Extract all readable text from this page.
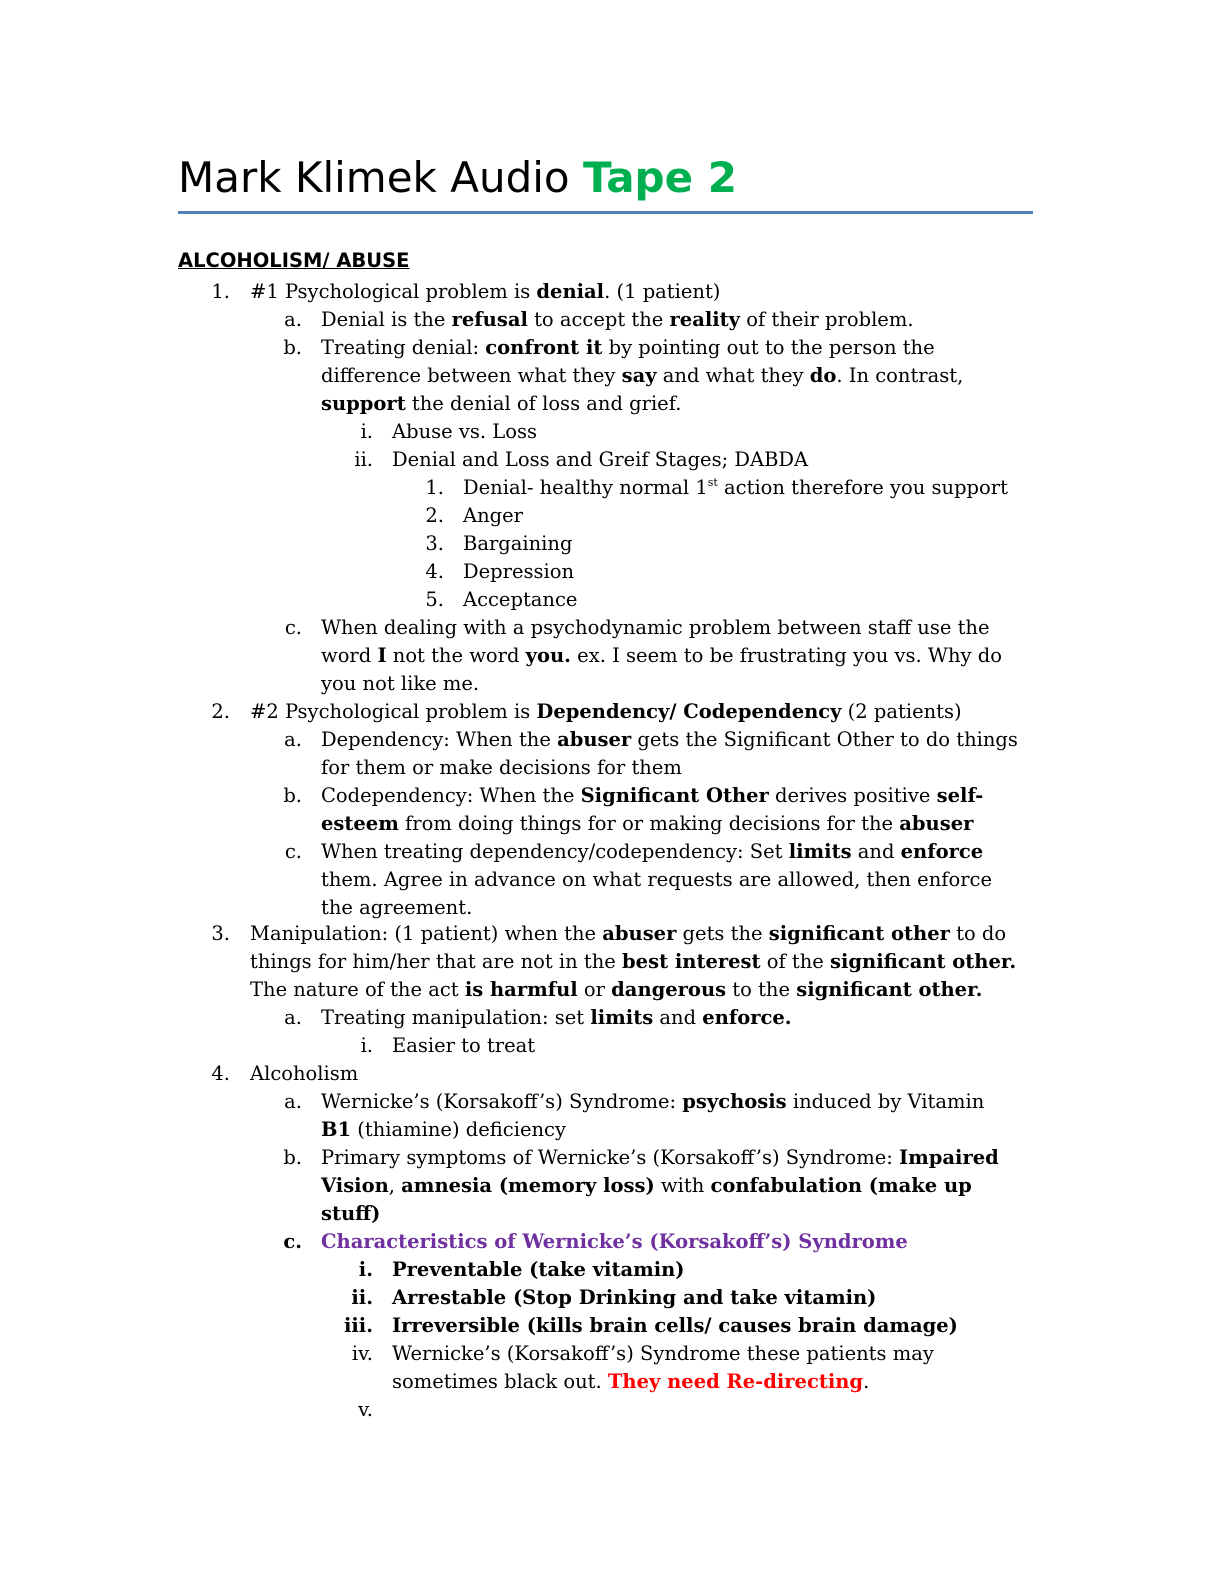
Mark Klimek Audio Tape 2
ALCOHOLISM/ ABUSE
1. #1 Psychological problem is denial. (1 patient)
a. Denial is the refusal to accept the reality of their problem.
b. Treating denial: confront it by pointing out to the person the
difference between what they say and what they do. In contrast,
support the denial of loss and grief.
i. Abuse vs. Loss
ii. Denial and Loss and Greif Stages; DABDA
1. Denial- healthy normal 1st action therefore you support
2. Anger
3. Bargaining
4. Depression
5. Acceptance
c. When dealing with a psychodynamic problem between staff use the
word I not the word you. ex. I seem to be frustrating you vs. Why do
you not like me.
2. #2 Psychological problem is Dependency/ Codependency (2 patients)
a. Dependency: When the abuser gets the Significant Other to do things
for them or make decisions for them
b. Codependency: When the Significant Other derives positive self-
esteem from doing things for or making decisions for the abuser
c. When treating dependency/codependency: Set limits and enforce
them. Agree in advance on what requests are allowed, then enforce
the agreement.
3. Manipulation: (1 patient) when the abuser gets the significant other to do
things for him/her that are not in the best interest of the significant other.
The nature of the act is harmful or dangerous to the significant other.
a. Treating manipulation: set limits and enforce.
i. Easier to treat
4. Alcoholism
a. Wernicke’s (Korsakoff’s) Syndrome: psychosis induced by Vitamin
B1 (thiamine) deficiency
b. Primary symptoms of Wernicke’s (Korsakoff’s) Syndrome: Impaired
Vision, amnesia (memory loss) with confabulation (make up
stuff)
c. Characteristics of Wernicke’s (Korsakoff’s) Syndrome
i. Preventable (take vitamin)
ii. Arrestable (Stop Drinking and take vitamin)
iii. Irreversible (kills brain cells/ causes brain damage)
iv. Wernicke’s (Korsakoff’s) Syndrome these patients may
sometimes black out. They need Re-directing.
v.
